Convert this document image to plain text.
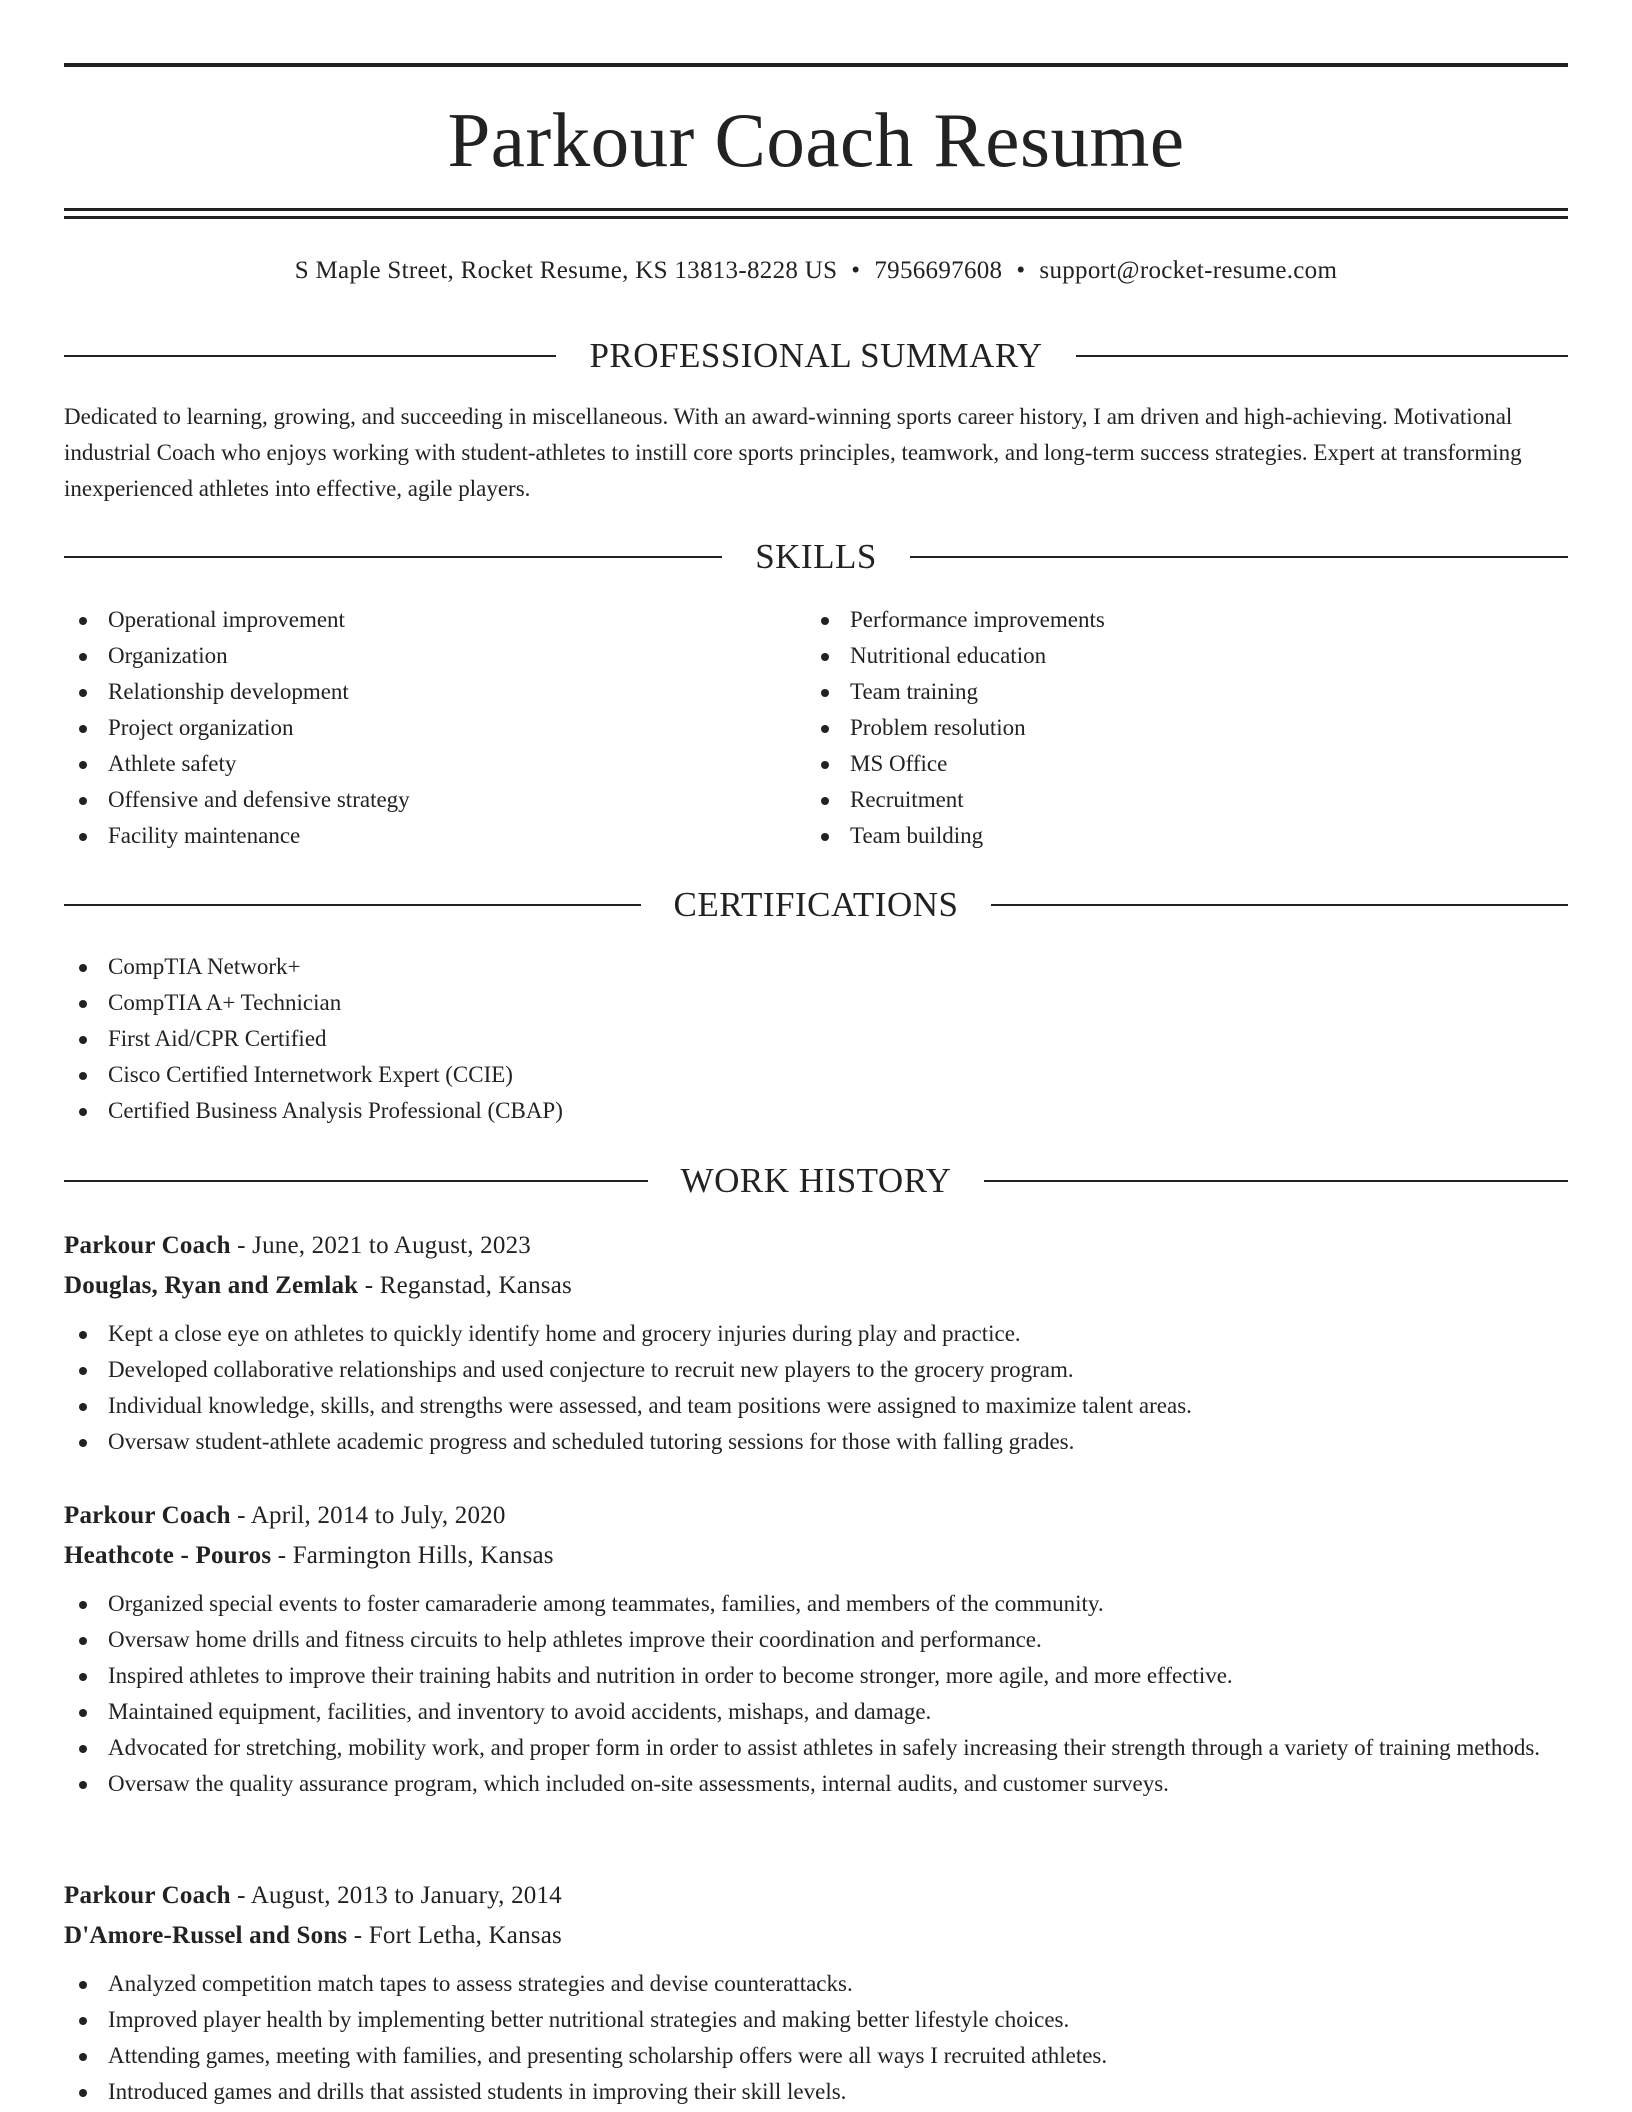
Parkour Coach Resume
S Maple Street, Rocket Resume, KS 13813-8228 US • 7956697608 • support@rocket-resume.com
PROFESSIONAL SUMMARY

Dedicated to learning, growing, and succeeding in miscellaneous. With an award-winning sports career history, I am driven and high-achieving. Motivational industrial Coach who enjoys working with student-athletes to instill core sports principles, teamwork, and long-term success strategies. Expert at transforming inexperienced athletes into effective, agile players.

SKILLS
Operational improvement
Organization
Relationship development
Project organization
Athlete safety
Offensive and defensive strategy
Facility maintenance
Performance improvements
Nutritional education
Team training
Problem resolution
MS Office
Recruitment
Team building
CERTIFICATIONS
CompTIA Network+
CompTIA A+ Technician
First Aid/CPR Certified
Cisco Certified Internetwork Expert (CCIE)
Certified Business Analysis Professional (CBAP)
WORK HISTORY
Parkour Coach - June, 2021 to August, 2023
Douglas, Ryan and Zemlak - Reganstad, Kansas
Kept a close eye on athletes to quickly identify home and grocery injuries during play and practice.
Developed collaborative relationships and used conjecture to recruit new players to the grocery program.
Individual knowledge, skills, and strengths were assessed, and team positions were assigned to maximize talent areas.
Oversaw student-athlete academic progress and scheduled tutoring sessions for those with falling grades.
Parkour Coach - April, 2014 to July, 2020
Heathcote - Pouros - Farmington Hills, Kansas
Organized special events to foster camaraderie among teammates, families, and members of the community.
Oversaw home drills and fitness circuits to help athletes improve their coordination and performance.
Inspired athletes to improve their training habits and nutrition in order to become stronger, more agile, and more effective.
Maintained equipment, facilities, and inventory to avoid accidents, mishaps, and damage.
Advocated for stretching, mobility work, and proper form in order to assist athletes in safely increasing their strength through a variety of training methods.
Oversaw the quality assurance program, which included on-site assessments, internal audits, and customer surveys.
Parkour Coach - August, 2013 to January, 2014
D'Amore-Russel and Sons - Fort Letha, Kansas
Analyzed competition match tapes to assess strategies and devise counterattacks.
Improved player health by implementing better nutritional strategies and making better lifestyle choices.
Attending games, meeting with families, and presenting scholarship offers were all ways I recruited athletes.
Introduced games and drills that assisted students in improving their skill levels.
